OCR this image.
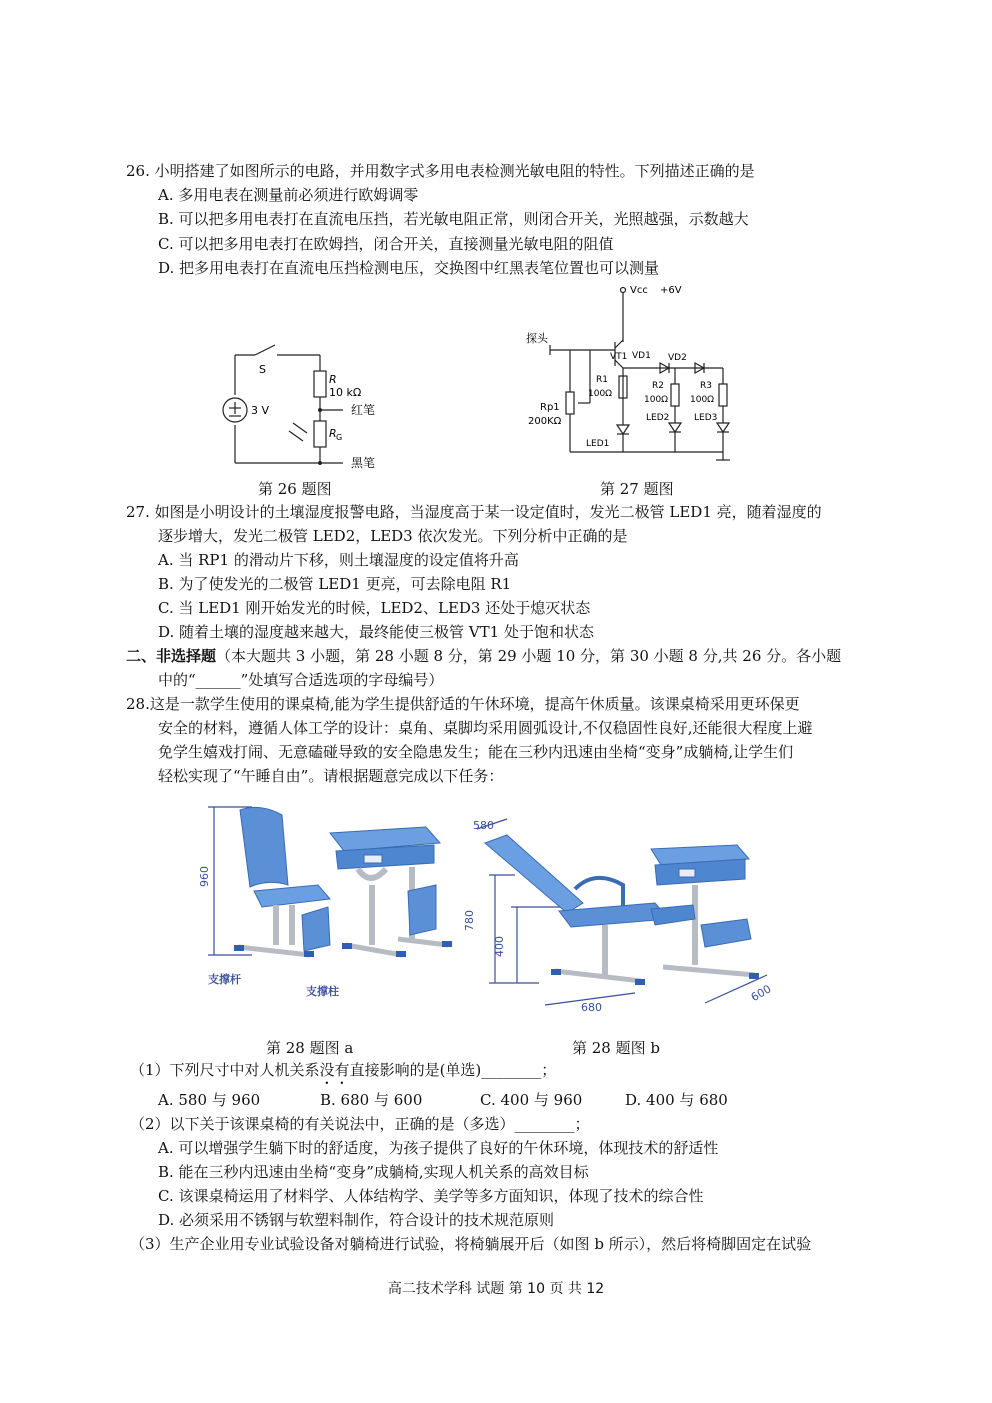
26. 小明搭建了如图所示的电路，并用数字式多用电表检测光敏电阻的特性。下列描述正确的是
A. 多用电表在测量前必须进行欧姆调零
B. 可以把多用电表打在直流电压挡，若光敏电阻正常，则闭合开关，光照越强，示数越大
C. 可以把多用电表打在欧姆挡，闭合开关，直接测量光敏电阻的阻值
D. 把多用电表打在直流电压挡检测电压，交换图中红黑表笔位置也可以测量
S
3 V
R
10 kΩ
R G
红笔
黑笔
第 26 题图
Vcc +6V
探头
VT1 VD1 VD2
R1
100Ω
R2
100Ω
R3
100Ω
Rp1
200KΩ
LED1
LED2	LED3
第 27 题图
27. 如图是小明设计的土壤湿度报警电路，当湿度高于某一设定值时，发光二极管 LED1 亮，随着湿度的
逐步增大，发光二极管 LED2，LED3 依次发光。下列分析中正确的是
A. 当 RP1 的滑动片下移，则土壤湿度的设定值将升高
B. 为了使发光的二极管 LED1 更亮，可去除电阻 R1
C. 当 LED1 刚开始发光的时候，LED2、LED3 还处于熄灭状态
D. 随着土壤的湿度越来越大，最终能使三极管 VT1 处于饱和状态
二、非选择题（本大题共 3 小题，第 28 小题 8 分，第 29 小题 10 分，第 30 小题 8 分,共 26 分。各小题
中的“______”处填写合适选项的字母编号）
28.这是一款学生使用的课桌椅,能为学生提供舒适的午休环境，提高午休质量。该课桌椅采用更环保更
安全的材料，遵循人体工学的设计：桌角、桌脚均采用圆弧设计,不仅稳固性良好,还能很大程度上避
免学生嬉戏打闹、无意磕碰导致的安全隐患发生；能在三秒内迅速由坐椅“变身”成躺椅,让学生们
轻松实现了“午睡自由”。请根据题意完成以下任务：
960
支撑杆
支撑柱
第 28 题图 a
580
780
400
680
600
第 28 题图 b
（1）下列尺寸中对人机关系没有直接影响的是(单选)________；
A. 580 与 960	B. 680 与 600	C. 400 与 960	D. 400 与 680
（2）以下关于该课桌椅的有关说法中，正确的是（多选）________；
A. 可以增强学生躺下时的舒适度，为孩子提供了良好的午休环境，体现技术的舒适性
B. 能在三秒内迅速由坐椅“变身”成躺椅,实现人机关系的高效目标
C. 该课桌椅运用了材料学、人体结构学、美学等多方面知识，体现了技术的综合性
D. 必须采用不锈钢与软塑料制作，符合设计的技术规范原则
（3）生产企业用专业试验设备对躺椅进行试验，将椅躺展开后（如图 b 所示），然后将椅脚固定在试验
高二技术学科 试题 第 10 页 共 12
